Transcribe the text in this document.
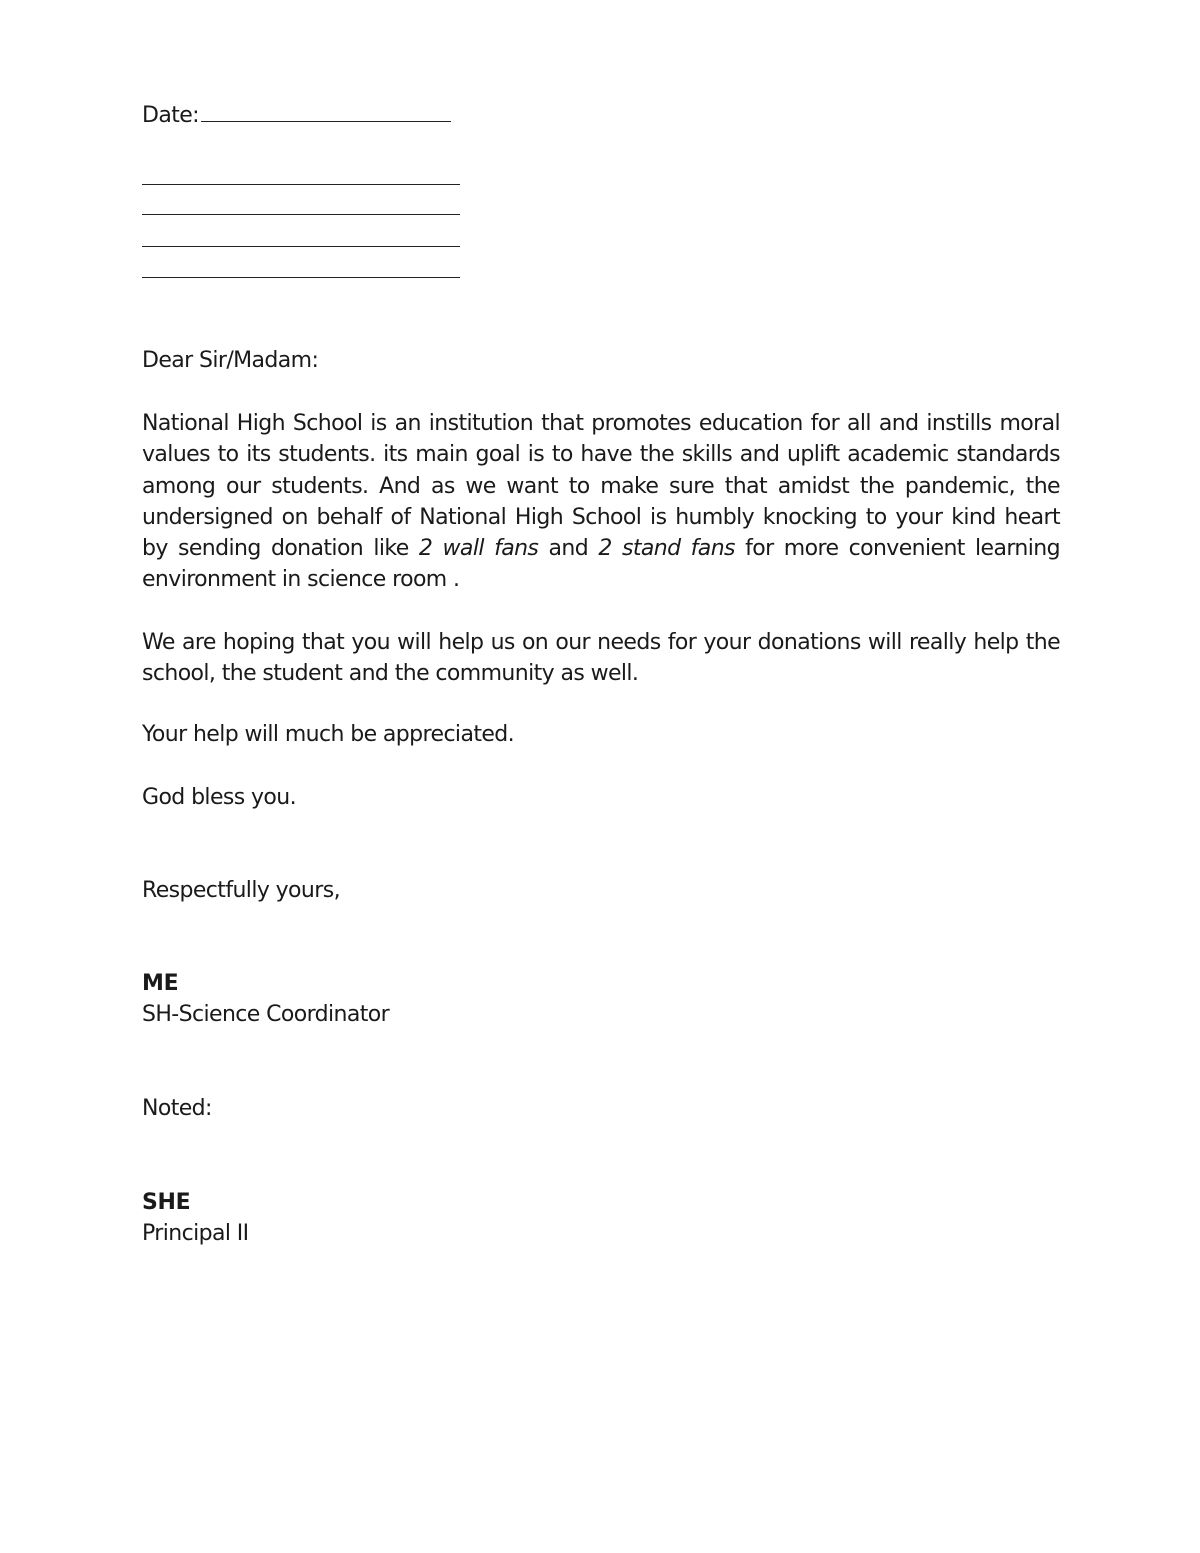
Date:
Dear Sir/Madam:
National High School is an institution that promotes education for all and instills moral values to its students. its main goal is to have the skills and uplift academic standards among our students. And as we want to make sure that amidst the pandemic, the undersigned on behalf of National High School is humbly knocking to your kind heart by sending donation like 2 wall fans and 2 stand fans for more convenient learning environment in science room .
We are hoping that you will help us on our needs for your donations will really help the school, the student and the community as well.
Your help will much be appreciated.
God bless you.
Respectfully yours,
ME
SH-Science Coordinator
Noted:
SHE
Principal II
